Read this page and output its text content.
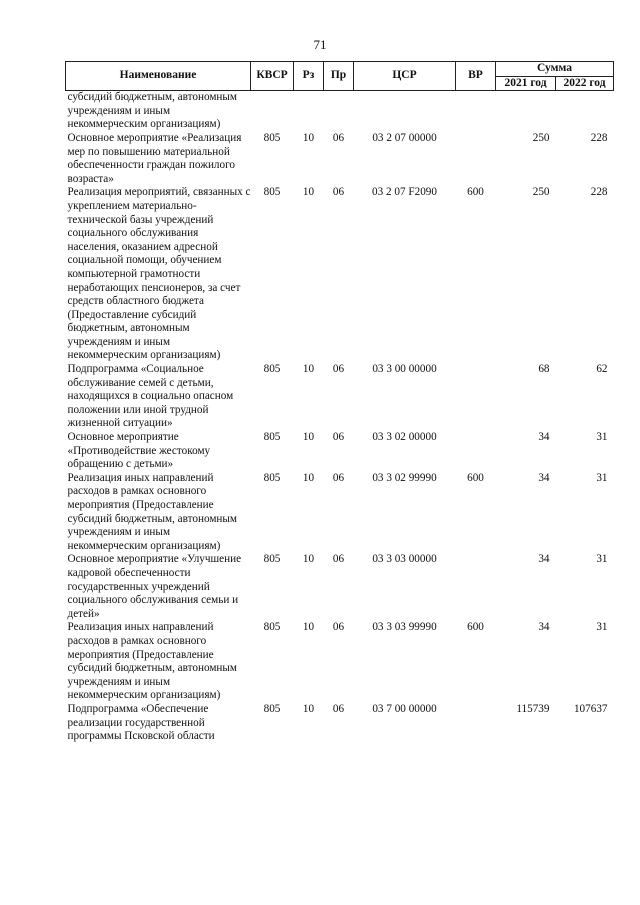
71
Наименование	КВСР	Рз	Пр	ЦСР	ВР	Сумма	
						2021 год	2022 год
субсидий бюджетным, автономным учреждениям и иным некоммерческим организациям)							
Основное мероприятие «Реализация мер по повышению материальной обеспеченности граждан пожилого возраста»	805	10	06	03 2 07 00000		250	228
Реализация мероприятий, связанных с укреплением материально-технической базы учреждений социального обслуживания населения, оказанием адресной социальной помощи, обучением компьютерной грамотности неработающих пенсионеров, за счет средств областного бюджета (Предоставление субсидий бюджетным, автономным учреждениям и иным некоммерческим организациям)	805	10	06	03 2 07 F2090	600	250	228
Подпрограмма «Социальное обслуживание семей с детьми, находящихся в социально опасном положении или иной трудной жизненной ситуации»	805	10	06	03 3 00 00000		68	62
Основное мероприятие «Противодействие жестокому обращению с детьми»	805	10	06	03 3 02 00000		34	31
Реализация иных направлений расходов в рамках основного мероприятия (Предоставление субсидий бюджетным, автономным учреждениям и иным некоммерческим организациям)	805	10	06	03 3 02 99990	600	34	31
Основное мероприятие «Улучшение кадровой обеспеченности государственных учреждений социального обслуживания семьи и детей»	805	10	06	03 3 03 00000		34	31
Реализация иных направлений расходов в рамках основного мероприятия (Предоставление субсидий бюджетным, автономным учреждениям и иным некоммерческим организациям)	805	10	06	03 3 03 99990	600	34	31
Подпрограмма «Обеспечение реализации государственной программы Псковской области	805	10	06	03 7 00 00000		115739	107637
